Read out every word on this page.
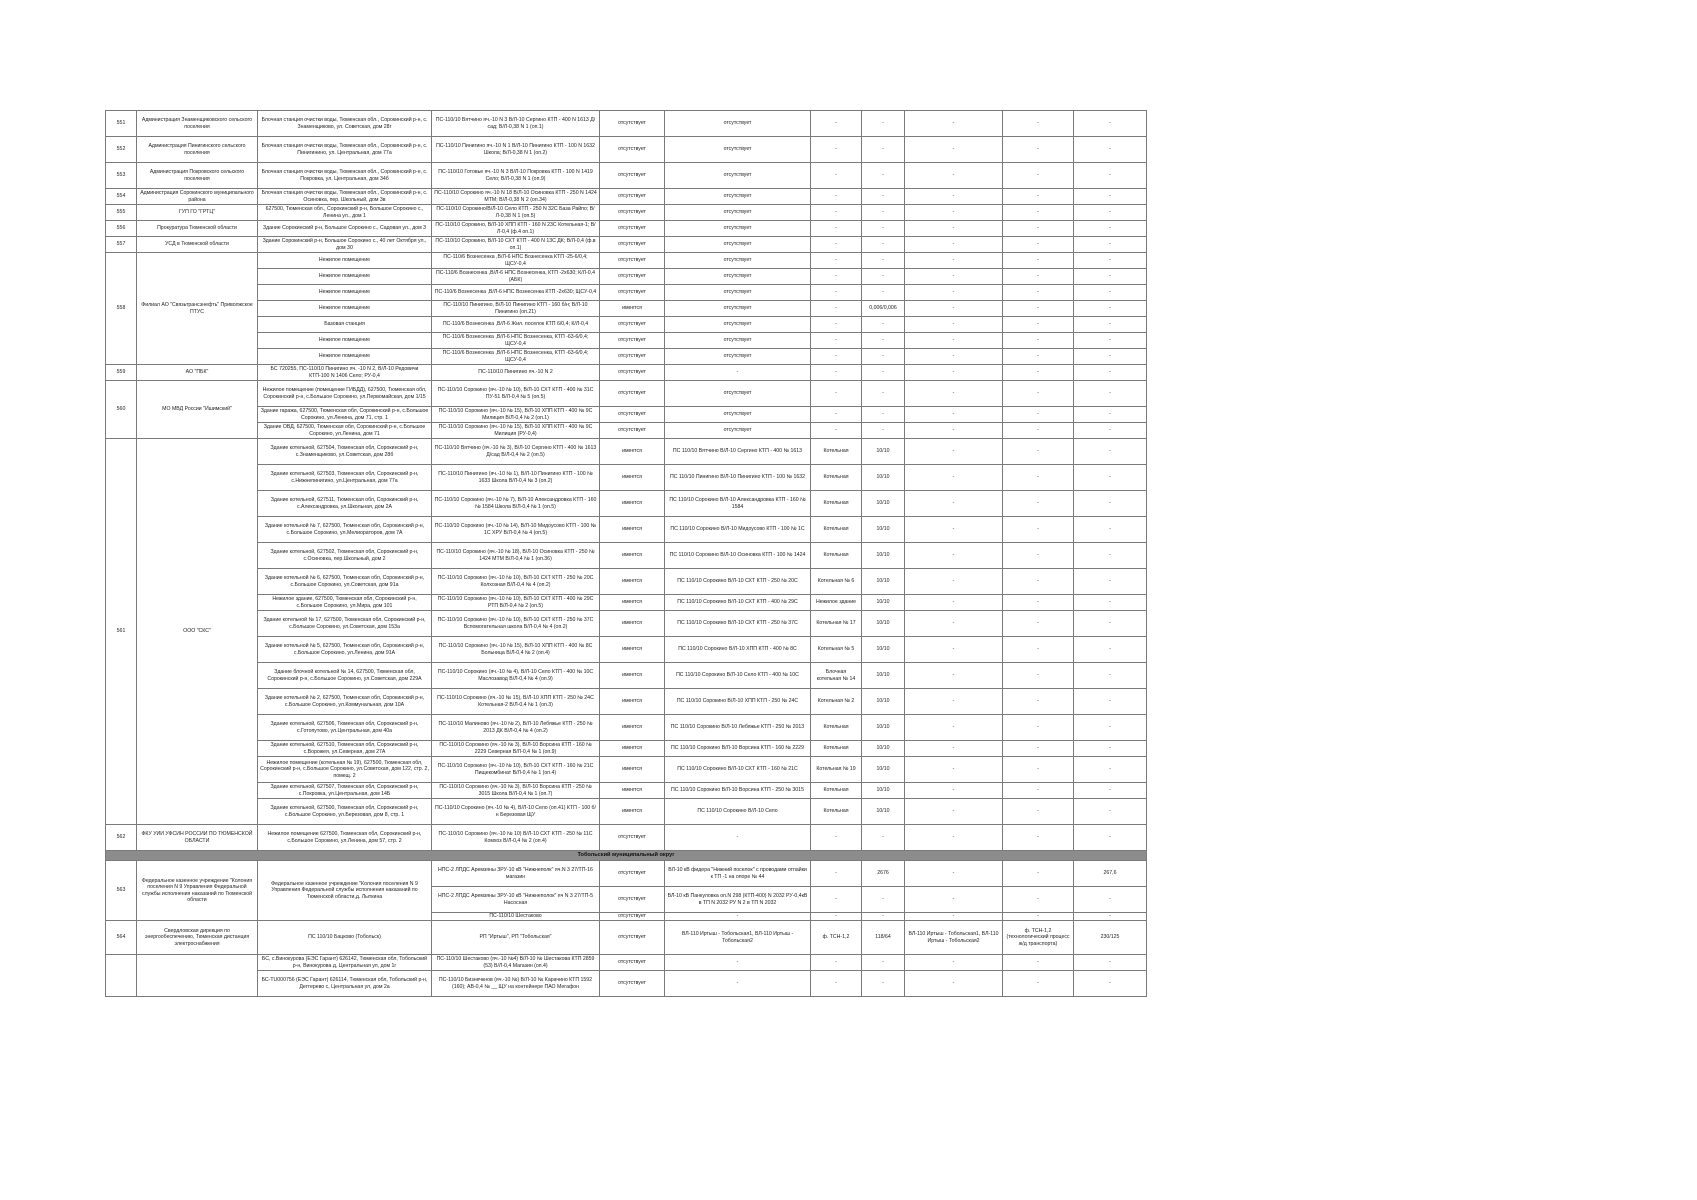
551	Администрация Знаменщиковского сельского поселения	Блочная станция очистки воды, Тюменская обл., Сорокинский р-н, с. Знаменщиково, ул. Советская, дом 28г	ПС-110/10 Вятчино яч.-10 N 3 В/Л-10 Сергино КТП - 400 N 1613 Д/сад; В/Л-0,38 N 1 (оп.1)	отсутствует	отсутствует	-	-	-	-	-
552	Администрация Пинигинского сельского поселения	Блочная станция очистки воды, Тюменская обл., Сорокинский р-н, с. Пинигинино, ул. Центральная, дом 77а	ПС-110/10 Пинигино яч.-10 N 1 В/Л-10 Пинигино КТП - 100 N 1632 Школа; В/Л-0,38 N 1 (оп.2)	отсутствует	отсутствует	-	-	-	-	-
553	Администрация Покровского сельского поселения	Блочная станция очистки воды, Тюменская обл., Сорокинский р-н, с. Покровка, ул. Центральная, дом 34б	ПС-110/10 Готовье яч.-10 N 3 В/Л-10 Покровка КТП - 100 N 1419 Село; В/Л-0,38 N 1 (оп.9)	отсутствует	отсутствует	-	-	-	-	-
554	Администрация Сорокинского муниципального района	Блочная станция очистки воды, Тюменская обл., Сорокинский р-н, с. Осиновка, пер. Школьный, дом 3в	ПС-110/10 Сорокино яч.-10 N 18 В/Л-10 Осиновка КТП - 250 N 1424 МТМ; В/Л-0,38 N 2 (оп.34)	отсутствует	отсутствует	-	-	-	-	-
555	ГУП ГО "ГРТЦ"	627500, Тюменская обл., Сорокинский р-н, Большое Сорокино с., Ленина ул., дом 1	ПС-110/10 Сорокино/В/Л-10 Село КТП - 250 N 32С База Райпо; В/Л-0,38 N 1 (оп.5)	отсутствует	отсутствует	-	-	-	-	-
556	Прокуратура Тюменской области	Здание Сорокинский р-н, Большое Сорокино с., Садовая ул., дом 3	ПС-110/10 Сорокино, В/Л-10 ХПП КТП - 160 N 23С Котельная-1; В/Л-0,4 (ф.4 оп.1)	отсутствует	отсутствует	-	-	-	-	-
557	УСД в Тюменской области	Здание Сорокинский р-н, Большое Сорокино с., 40 лет Октября ул., дом 30	ПС-110/10 Сорокино, В/Л-10 СХТ КТП - 400 N 13С ДК; В/Л-0,4 (ф.в оп.1)	отсутствует	отсутствует	-	-	-	-	-
558	Филиал АО "Связьтрансэнефть" Приволжское ПТУС	Нежилое помещение	ПС-110/6 Вознесенка ,В/Л-6 НПС Вознесенка КТП -25-6/0,4; ЩСУ-0,4	отсутствует	отсутствует	-	-	-	-	-
		Нежилое помещение	ПС-110/6 Вознесенка ,В/Л-6 НПС Вознесенка, КТП -2х630; К/Л-0,4 (АБК)	отсутствует	отсутствует	-	-	-	-	-
		Нежилое помещение	ПС-110/6 Вознесенка ,В/Л-6 НПС Вознесенка КТП -2х630; ЩСУ-0,4	отсутствует	отсутствует	-	-	-	-	-
		Нежилое помещение	ПС-110/10 Пинигино, В/Л-10 Пинигино КТП - 160 б/н; В/Л-10 Пинигино (оп.21)	имеется	отсутствует	-	0,006/0,006	-	-	-
		Базовая станция	ПС-110/6 Вознесенка ,В/Л-6 Жил. поселок КТП 6/0,4; К/Л-0,4	отсутствует	отсутствует	-	-	-	-	-
		Нежилое помещение	ПС-110/6 Вознесенка ,В/Л-6 НПС Вознесенка, КТП -63-6/0,4; ЩСУ-0,4	отсутствует	отсутствует	-	-	-	-	-
		Нежилое помещение	ПС-110/6 Вознесенка ,В/Л-6 НПС Вознесенка, КТП -63-6/0,4; ЩСУ-0,4	отсутствует	отсутствует	-	-	-	-	-
559	АО "ПБК"	БС 720255, ПС-110/10 Пинигино яч. -10 N 2, В/Л-10 Редовичи КТП-100 N 1406 Село; РУ-0,4	ПС-110/10 Пинигино яч.-10 N 2	отсутствует	-	-	-	-	-	-
560	МО МВД России "Ишимский"	Нежилое помещение (помещение ГИБДД), 627500, Тюменская обл, Сорокинский р-н, с.Большое Сорокино, ул.Первомайская, дом 1/15	ПС-110/10 Сорокино (яч.-10 № 10), В/Л-10 СХТ КТП - 400 № 31С ПУ-51 В/Л-0,4 № 5 (оп.5)	отсутствует	отсутствует	-	-	-	-	-
		Здание гаража, 627500, Тюменская обл, Сорокинский р-н, с.Большое Сорокино, ул.Ленина, дом 71, стр. 1	ПС-110/10 Сорокино (яч.-10 № 15), В/Л-10 ХПП КТП - 400 № 9С Милиция В/Л-0,4 № 2 (оп.1)	отсутствует	отсутствует	-	-	-	-	-
		Здание ОВД, 627500, Тюменская обл, Сорокинский р-н, с.Большое Сорокино, ул.Ленина, дом 71	ПС-110/10 Сорокино (яч.-10 № 15), В/Л-10 ХПП КТП - 400 № 9С Милиция (РУ-0,4)	отсутствует	отсутствует	-	-	-	-	-
561	ООО "СКС"	Здание котельной, 627504, Тюменская обл, Сорокинский р-н, с.Знаменщиково, ул.Советская, дом 28б	ПС-110/10 Вятчино (яч.-10 № 3), В/Л-10 Сергино КТП - 400 № 1613 Д/сад В/Л-0,4 № 2 (оп.5)	имеется	ПС 110/10 Вятчино В/Л-10 Сергино КТП - 400 № 1613	Котельная	10/10	-	-	-
		Здание котельной, 627503, Тюменская обл, Сорокинский р-н, с.Нижнепинигино, ул.Центральная, дом 77а	ПС-110/10 Пинигино (яч.-10 № 1), В/Л-10 Пинигино КТП - 100 № 1633 Школа В/Л-0,4 № 3 (оп.2)	имеется	ПС 110/10 Пинигино В/Л-10 Пинигино КТП - 100 № 1632	Котельная	10/10	-	-	-
		Здание котельной, 627511, Тюменская обл, Сорокинский р-н, с.Александровка, ул.Школьная, дом 2А	ПС-110/10 Сорокино (яч.-10 № 7), В/Л-10 Александровка КТП - 160 № 1584 Школа В/Л-0,4 № 1 (оп.5)	имеется	ПС 110/10 Сорокино В/Л-10 Александровка КТП - 160 № 1584	Котельная	10/10	-	-	-
		Здание котельной № 7, 627500, Тюменская обл, Сорокинский р-н, с.Большое Сорокино, ул.Мелиораторов, дом 7А	ПС-110/10 Сорокино (яч.-10 № 14), В/Л-10 Мидоусово КТП - 100 № 1С ХРУ В/Л-0,4 № 4 (оп.5)	имеется	ПС 110/10 Сорокино В/Л-10 Мидоусово КТП - 100 № 1С	Котельная	10/10	-	-	-
		Здание котельной, 627502, Тюменская обл, Сорокинский р-н, с.Осиновка, пер.Школьный, дом 2	ПС-110/10 Сорокино (яч.-10 № 18), В/Л-10 Осиновка КТП - 250 № 1424 МТМ В/Л-0,4 № 1 (оп.36)	имеется	ПС 110/10 Сорокино В/Л-10 Осиновка КТП - 100 № 1424	Котельная	10/10	-	-	-
		Здание котельной № 6, 627500, Тюменская обл, Сорокинский р-н, с.Большое Сорокино, ул.Советская, дом 91а	ПС-110/10 Сорокино (яч.-10 № 10), В/Л-10 СХТ КТП - 250 № 20С Колхозная В/Л-0,4 № 4 (оп.2)	имеется	ПС 110/10 Сорокино В/Л-10 СХТ КТП - 250 № 20С	Котельная № 6	10/10	-	-	-
		Нежилое здание, 627500, Тюменская обл, Сорокинский р-н, с.Большое Сорокино, ул.Мира, дом 101	ПС-110/10 Сорокино (яч.-10 № 10), В/Л-10 СХТ КТП - 400 № 29С РТП В/Л-0,4 № 2 (оп.5)	имеется	ПС 110/10 Сорокино В/Л-10 СХТ КТП - 400 № 29С	Нежилое здание	10/10	-	-	-
		Здание котельной № 17, 627500, Тюменская обл, Сорокинский р-н, с.Большое Сорокино, ул.Советская, дом 153а	ПС-110/10 Сорокино (яч.-10 № 10), В/Л-10 СХТ КТП - 250 № 37С Вспомогательная школа В/Л-0,4 № 4 (оп.2)	имеется	ПС 110/10 Сорокино В/Л-10 СХТ КТП - 250 № 37С	Котельная № 17	10/10	-	-	-
		Здание котельной № 5, 627500, Тюменская обл, Сорокинский р-н, с.Большое Сорокино, ул.Ленина, дом 91А	ПС-110/10 Сорокино (яч.-10 № 15), В/Л-10 ХПП КТП - 400 № 8С Больница В/Л-0,4 № 2 (оп.4)	имеется	ПС 110/10 Сорокино В/Л-10 ХПП КТП - 400 № 8С	Котельная № 5	10/10	-	-	-
		Здание блочной котельной № 14, 627500, Тюменская обл, Сорокинский р-н, с.Большое Сорокино, ул.Советская, дом 229А	ПС-110/10 Сорокино (яч.-10 № 4), В/Л-10 Село КТП - 400 № 10С Маслозавод В/Л-0,4 № 4 (оп.9)	имеется	ПС 110/10 Сорокино В/Л-10 Село КТП - 400 № 10С	Блочная котельная № 14	10/10	-	-	-
		Здание котельной № 2, 627500, Тюменская обл, Сорокинский р-н, с.Большое Сорокино, ул.Коммунальная, дом 10А	ПС-110/10 Сорокино (яч.-10 № 15), В/Л-10 ХПП КТП - 250 № 24С Котельная-2 В/Л-0,4 № 1 (оп.3)	имеется	ПС 110/10 Сорокино В/Л-10 ХПП КТП - 250 № 24С	Котельная № 2	10/10	-	-	-
		Здание котельной, 627506, Тюменская обл, Сорокинский р-н, с.Готопутово, ул.Центральная, дом 40а	ПС-110/10 Малиново (яч.-10 № 2), В/Л-10 Лебяжье КТП - 250 № 2013 ДК В/Л-0,4 № 4 (оп.2)	имеется	ПС 110/10 Сорокино В/Л-10 Лебяжье КТП - 250 № 2013	Котельная	10/10	-	-	-
		Здание котельной, 627510, Тюменская обл, Сорокинский р-н, с.Ворожея, ул.Северная, дом 27А	ПС-110/10 Сорокино (яч.-10 № 3), В/Л-10 Ворсина КТП - 160 № 2229 Северная В/Л-0,4 № 1 (оп.9)	имеется	ПС 110/10 Сорокино В/Л-10 Ворсина КТП - 160 № 2229	Котельная	10/10	-	-	-
		Нежилое помещение (котельная № 19), 627500, Тюменская обл, Сорокинский р-н, с.Большое Сорокино, ул.Советская, дом 122, стр. 2, помещ. 2	ПС-110/10 Сорокино (яч.-10 № 10), В/Л-10 СХТ КТП - 160 № 21С Пищекомбинат В/Л-0,4 № 1 (оп.4)	имеется	ПС 110/10 Сорокино В/Л-10 СХТ КТП - 160 № 21С	Котельная № 19	10/10	-	-	-
		Здание котельной, 627507, Тюменская обл, Сорокинский р-н, с.Покровка, ул.Центральная, дом 14Б	ПС-110/10 Сорокино (яч.-10 № 3), В/Л-10 Ворсина КТП - 250 № 3015 Школа В/Л-0,4 № 1 (оп.7)	имеется	ПС 110/10 Сорокино В/Л-10 Ворсина КТП - 250 № 3015	Котельная	10/10	-	-	-
		Здание котельной, 627500, Тюменская обл, Сорокинский р-н, с.Большое Сорокино, ул.Березовая, дом 8, стр. 1	ПС-110/10 Сорокино (яч.-10 № 4), В/Л-10 Село (оп.41) КТП - 100 б/н Березовая ЩУ	имеется	ПС 110/10 Сорокино В/Л-10 Село	Котельная	10/10	-	-	-
562	ФКУ УИИ УФСИН РОССИИ ПО ТЮМЕНСКОЙ ОБЛАСТИ	Нежилое помещение 627500, Тюменская обл, Сорокинский р-н, с.Большое Сорокино, ул.Ленина, дом 57, стр. 2	ПС-110/10 Сорокино (яч.-10 № 10) В/Л-10 СХТ КТП - 250 № 11С Комхоз В/Л-0,4 № 2 (оп.4)	отсутствует	-	-	-	-	-	-
Тобольский муниципальный округ										
563	Федеральное казенное учреждение "Колония поселения N 9 Управления Федеральной службы исполнения наказаний по Тюменской области	Федеральное казенное учреждение "Колония поселения N 9 Управления Федеральной службы исполнения наказаний по Тюменской области,д. Лыткина	НПС-2 ЛПДС Аремзяны ЗРУ-10 кВ "Нижнеполк" яч.N 3 27/ТП-16 магазин	отсутствует	ВЛ-10 кВ фидера "Нижний поселок" с проводами отпайки к ТП -1 на опоре № 44	-	2676	-	-	267,6
			НПС-2 ЛПДС Аремзяны ЗРУ-10 кВ "Нижнеполок" яч N 3 27/ТП-5 Насосная	отсутствует	ВЛ-10 кВ Панкуловка оп.N 298 (КТП-400) N 2032 РУ-0,4кВ в ТП N 2032 РУ N 2 в ТП N 2032	-	-	-	-	-
			ПС-110/10 Шестаково	отсутствует	-	-	-	-	-	-
564	Свердловская дирекция по энергообеспечению, Тюменская дистанция электроснабжения	ПС 110/10 Бацково (Тобольск)	РП "Иртыш", РП "Тобольская"	отсутствует	ВЛ-110 Иртыш - Тобольская1, ВЛ-110 Иртыш - Тобольская2	ф. ТСН-1,2	118/64	ВЛ-110 Иртыш - Тобольская1, ВЛ-110 Иртыш - Тобольская2	ф. ТСН-1,2 (технологический процесс ж/д транспорта)	230/125
		БС, с.Винокурова (ЕЭС Гарант) 626142, Тюменская обл, Тобольский р-н, Винокурова д, Центральная ул, дом 1г	ПС-110/10 Шестаково (яч.-10 №4) В/Л-10 № Шестакова КТП 2859 (53) В/Л-0,4 Магазин (оп.4)	отсутствует	-	-	-	-	-	-
		БС-TU000756 (ЕЭС Гарант) 626114, Тюменская обл, Тобольский р-н, Дегтерево с, Центральная ул, дом 2а	ПС-110/10 Бизнечкнов (яч.-10 №) В/Л-10 № Карачино КТП 1592 (160); АВ-0,4 № __ ЩУ на контейнере ПАО Мегафон	отсутствует	-	-	-	-	-	-
